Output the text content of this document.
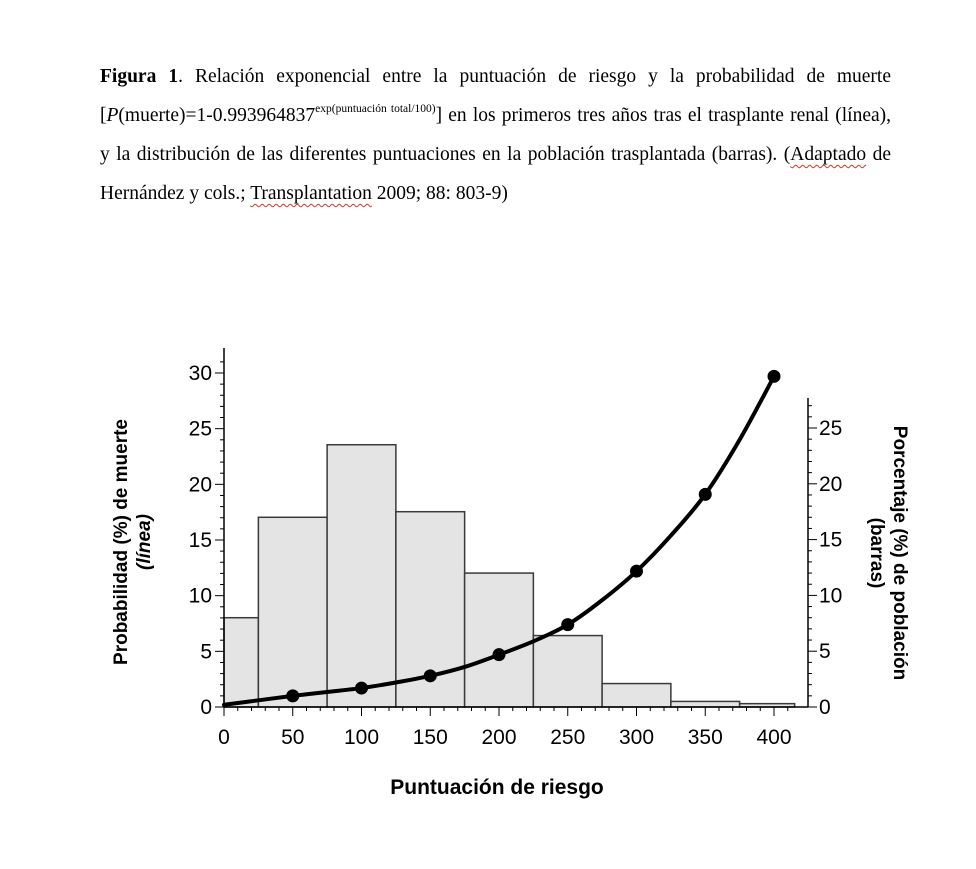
Figura 1. Relación exponencial entre la puntuación de riesgo y la probabilidad de muerte $[P(muerte)=1-0.993964837^{exp(puntuación total/100)}]$ en los primeros tres años tras el trasplante renal (línea), y la distribución de las diferentes puntuaciones en la población trasplantada (barras). (Adaptado de Hernández y cols.; Transplantation 2009; 88: 803-9)
0
5
10
15
20
25
30
0
5
10
15
20
25
0 50 100 150 200 250 300 350 400
Puntuación de riesgo
Probabilidad (%) de muerte (línea)	Porcentaje (%) de población
(barras)
